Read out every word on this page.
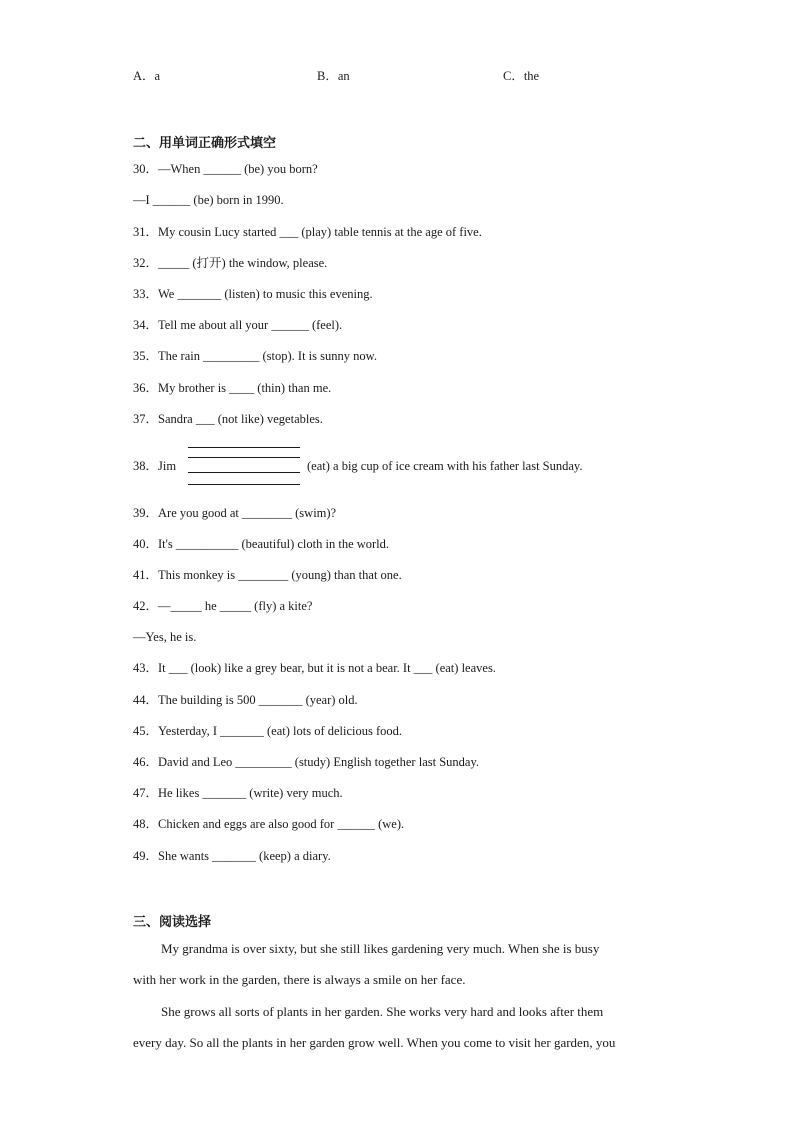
A．a	B．an	C．the
二、用单词正确形式填空
30．—When ______ (be) you born?
—I ______ (be) born in 1990.
31．My cousin Lucy started ___ (play) table tennis at the age of five.
32．_____ (打开) the window, please.
33．We _______ (listen) to music this evening.
34．Tell me about all your ______ (feel).
35．The rain _________ (stop). It is sunny now.
36．My brother is ____ (thin) than me.
37．Sandra ___ (not like) vegetables.
38．Jim	(eat) a big cup of ice cream with his father last Sunday.
39．Are you good at ________ (swim)?
40．It's __________ (beautiful) cloth in the world.
41．This monkey is ________ (young) than that one.
42．—_____ he _____ (fly) a kite?
—Yes, he is.
43．It ___ (look) like a grey bear, but it is not a bear. It ___ (eat) leaves.
44．The building is 500 _______ (year) old.
45．Yesterday, I _______ (eat) lots of delicious food.
46．David and Leo _________ (study) English together last Sunday.
47．He likes _______ (write) very much.
48．Chicken and eggs are also good for ______ (we).
49．She wants _______ (keep) a diary.
三、阅读选择
My grandma is over sixty, but she still likes gardening very much. When she is busy
with her work in the garden, there is always a smile on her face.
She grows all sorts of plants in her garden. She works very hard and looks after them
every day. So all the plants in her garden grow well. When you come to visit her garden, you
